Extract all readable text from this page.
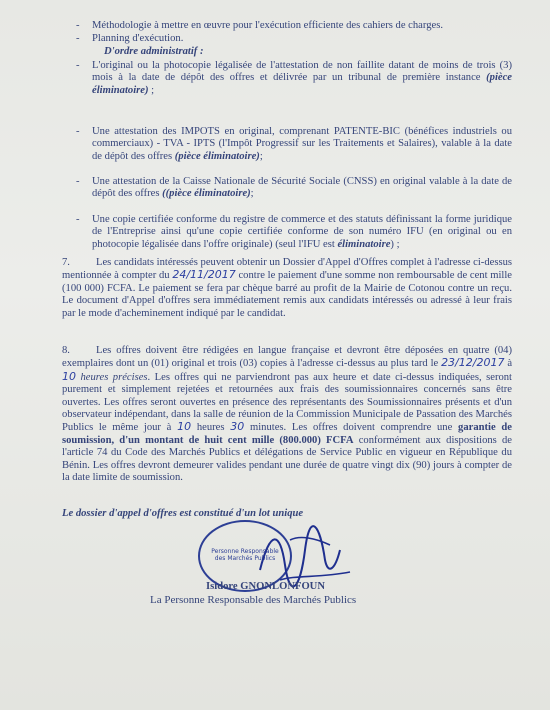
- Méthodologie à mettre en œuvre pour l'exécution efficiente des cahiers de charges.
- Planning d'exécution.
D'ordre administratif :
- L'original ou la photocopie légalisée de l'attestation de non faillite datant de moins de trois (3) mois à la date de dépôt des offres et délivrée par un tribunal de première instance (pièce éliminatoire) ;
- Une attestation des IMPOTS en original, comprenant PATENTE-BIC (bénéfices industriels ou commerciaux) - TVA - IPTS (l'Impôt Progressif sur les Traitements et Salaires), valable à la date de dépôt des offres (pièce éliminatoire);
- Une attestation de la Caisse Nationale de Sécurité Sociale (CNSS) en original valable à la date de dépôt des offres ((pièce éliminatoire);
- Une copie certifiée conforme du registre de commerce et des statuts définissant la forme juridique de l'Entreprise ainsi qu'une copie certifiée conforme de son numéro IFU (en original ou en photocopie légalisée dans l'offre originale) (seul l'IFU est éliminatoire) ;
7.	Les candidats intéressés peuvent obtenir un Dossier d'Appel d'Offres complet à l'adresse ci-dessus mentionnée à compter du 24/11/2017 contre le paiement d'une somme non remboursable de cent mille (100 000) FCFA. Le paiement se fera par chèque barré au profit de la Mairie de Cotonou contre un reçu. Le document d'Appel d'offres sera immédiatement remis aux candidats intéressés ou adressé à leur frais par le mode d'acheminement indiqué par le candidat.
8.	Les offres doivent être rédigées en langue française et devront être déposées en quatre (04) exemplaires dont un (01) original et trois (03) copies à l'adresse ci-dessus au plus tard le 23/12/2017 à 10 heures précises. Les offres qui ne parviendront pas aux heure et date ci-dessus indiquées, seront purement et simplement rejetées et retournées aux frais des soumissionnaires concernés sans être ouvertes. Les offres seront ouvertes en présence des représentants des Soumissionnaires présents et d'un observateur indépendant, dans la salle de réunion de la Commission Municipale de Passation des Marchés Publics le même jour à 10 heures 30 minutes. Les offres doivent comprendre une garantie de soumission, d'un montant de huit cent mille (800.000) FCFA conformément aux dispositions de l'article 74 du Code des Marchés Publics et délégations de Service Public en vigueur en République du Bénin. Les offres devront demeurer valides pendant une durée de quatre vingt dix (90) jours à compter de la date limite de soumission.
Le dossier d'appel d'offres est constitué d'un lot unique
Personne Responsable des Marchés Publics
Isidore GNONLONFOUN
La Personne Responsable des Marchés Publics
